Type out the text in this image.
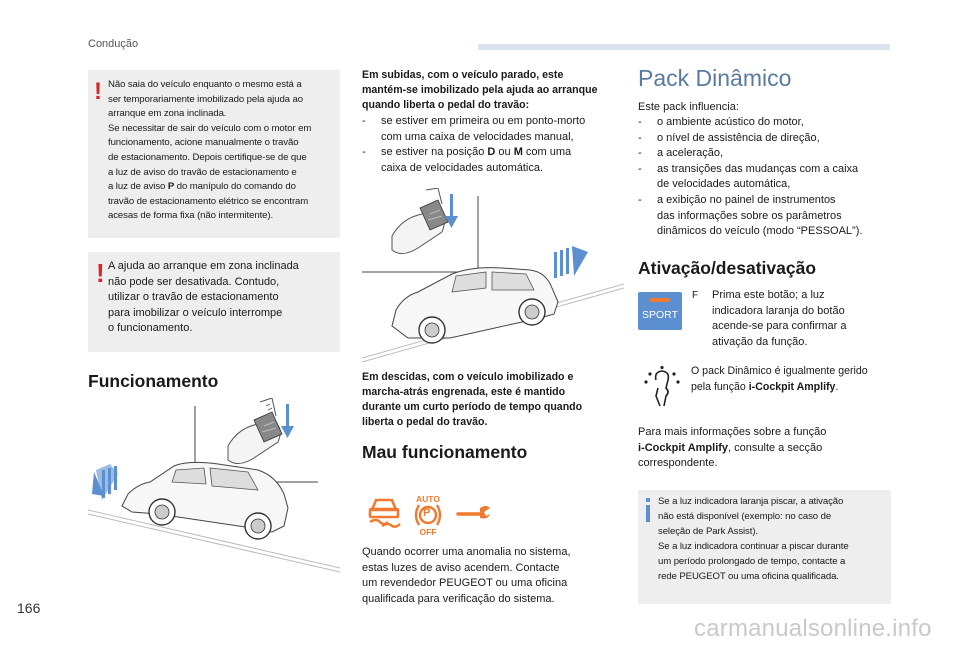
Condução
! Não saia do veículo enquanto o mesmo está a
ser temporariamente imobilizado pela ajuda ao
arranque em zona inclinada.
Se necessitar de sair do veículo com o motor em
funcionamento, acione manualmente o travão
de estacionamento. Depois certifique-se de que
a luz de aviso do travão de estacionamento e
a luz de aviso P do manípulo do comando do
travão de estacionamento elétrico se encontram
acesas de forma fixa (não intermitente).
! A ajuda ao arranque em zona inclinada
não pode ser desativada. Contudo,
utilizar o travão de estacionamento
para imobilizar o veículo interrompe
o funcionamento.
Funcionamento
Em subidas, com o veículo parado, este
mantém-se imobilizado pela ajuda ao arranque
quando liberta o pedal do travão:
- se estiver em primeira ou em ponto-morto
com uma caixa de velocidades manual,
- se estiver na posição D ou M com uma
caixa de velocidades automática.
Em descidas, com o veículo imobilizado e
marcha-atrás engrenada, este é mantido
durante um curto período de tempo quando
liberta o pedal do travão.
Mau funcionamento
AUTO
P
OFF
Quando ocorrer uma anomalia no sistema,
estas luzes de aviso acendem. Contacte
um revendedor PEUGEOT ou uma oficina
qualificada para verificação do sistema.
Pack Dinâmico
Este pack influencia:
- o ambiente acústico do motor,
- o nível de assistência de direção,
- a aceleração,
- as transições das mudanças com a caixa
de velocidades automática,
- a exibição no painel de instrumentos
das informações sobre os parâmetros
dinâmicos do veículo (modo “PESSOAL”).
Ativação/desativação
SPORT
F Prima este botão; a luz
indicadora laranja do botão
acende-se para confirmar a
ativação da função.
O pack Dinâmico é igualmente gerido
pela função i-Cockpit Amplify.
Para mais informações sobre a função
i-Cockpit Amplify, consulte a secção
correspondente.
Se a luz indicadora laranja piscar, a ativação
não está disponível (exemplo: no caso de
seleção de Park Assist).
Se a luz indicadora continuar a piscar durante
um período prolongado de tempo, contacte a
rede PEUGEOT ou uma oficina qualificada.
166
carmanualsonline.info
